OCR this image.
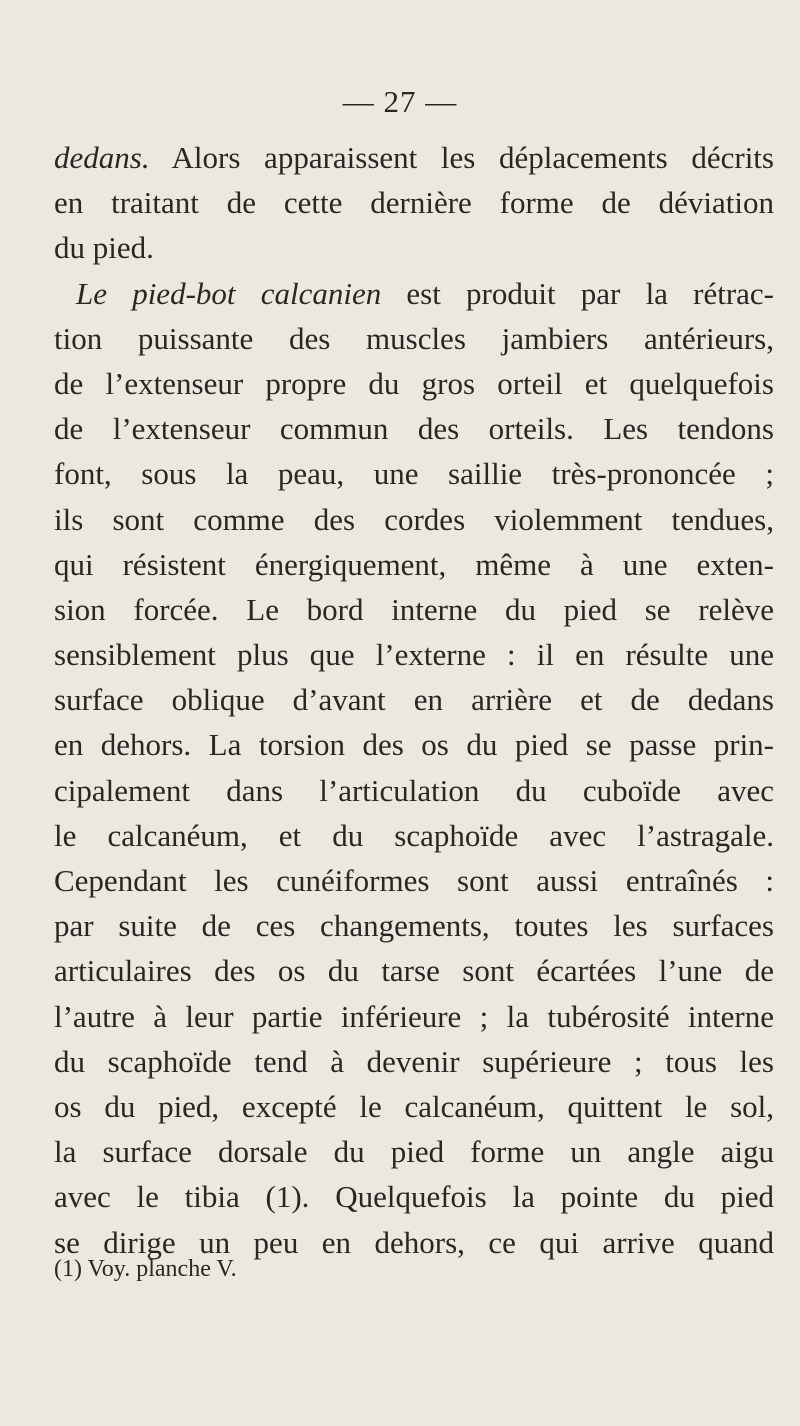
— 27 —
dedans. Alors apparaissent les déplacements décrits
en traitant de cette dernière forme de déviation
du pied.
Le pied-bot calcanien est produit par la rétrac-
tion puissante des muscles jambiers antérieurs,
de l’extenseur propre du gros orteil et quelquefois
de l’extenseur commun des orteils. Les tendons
font, sous la peau, une saillie très-prononcée ;
ils sont comme des cordes violemment tendues,
qui résistent énergiquement, même à une exten-
sion forcée. Le bord interne du pied se relève
sensiblement plus que l’externe : il en résulte une
surface oblique d’avant en arrière et de dedans
en dehors. La torsion des os du pied se passe prin-
cipalement dans l’articulation du cuboïde avec
le calcanéum, et du scaphoïde avec l’astragale.
Cependant les cunéiformes sont aussi entraînés :
par suite de ces changements, toutes les surfaces
articulaires des os du tarse sont écartées l’une de
l’autre à leur partie inférieure ; la tubérosité interne
du scaphoïde tend à devenir supérieure ; tous les
os du pied, excepté le calcanéum, quittent le sol,
la surface dorsale du pied forme un angle aigu
avec le tibia (1). Quelquefois la pointe du pied
se dirige un peu en dehors, ce qui arrive quand
(1) Voy. planche V.
